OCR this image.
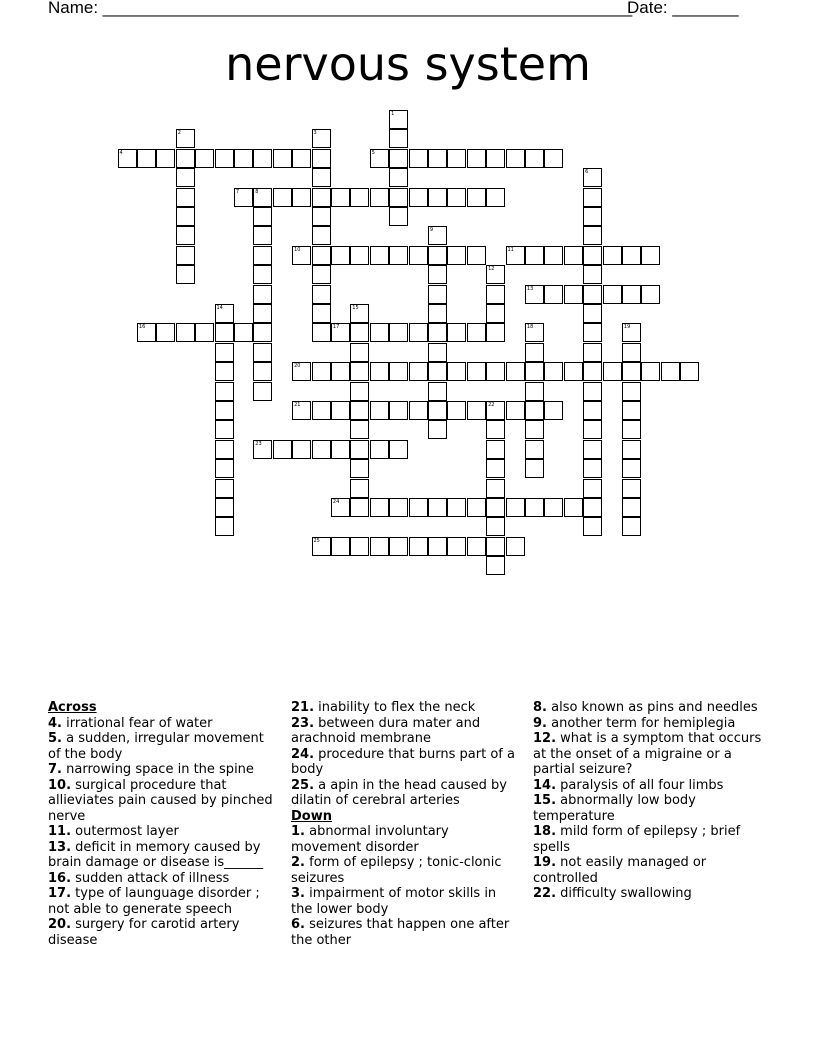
Name: ________________________________________________________
Date: _______
nervous system
1
2	3
4	5
6
7	8
9
10	11
12
13
14	15
16	17	18	19
20
21	22
23
24
25

Across

4. irrational fear of water

5. a sudden, irregular movement of the body

7. narrowing space in the spine

10. surgical procedure that allieviates pain caused by pinched nerve

11. outermost layer

13. deficit in memory caused by brain damage or disease is______

16. sudden attack of illness

17. type of launguage disorder ; not able to generate speech

20. surgery for carotid artery disease

21. inability to flex the neck

23. between dura mater and arachnoid membrane

24. procedure that burns part of a body

25. a apin in the head caused by dilatin of cerebral arteries

Down

1. abnormal involuntary movement disorder

2. form of epilepsy ; tonic-clonic seizures

3. impairment of motor skills in the lower body

6. seizures that happen one after the other

8. also known as pins and needles

9. another term for hemiplegia

12. what is a symptom that occurs at the onset of a migraine or a partial seizure?

14. paralysis of all four limbs

15. abnormally low body temperature

18. mild form of epilepsy ; brief spells

19. not easily managed or controlled

22. difficulty swallowing
